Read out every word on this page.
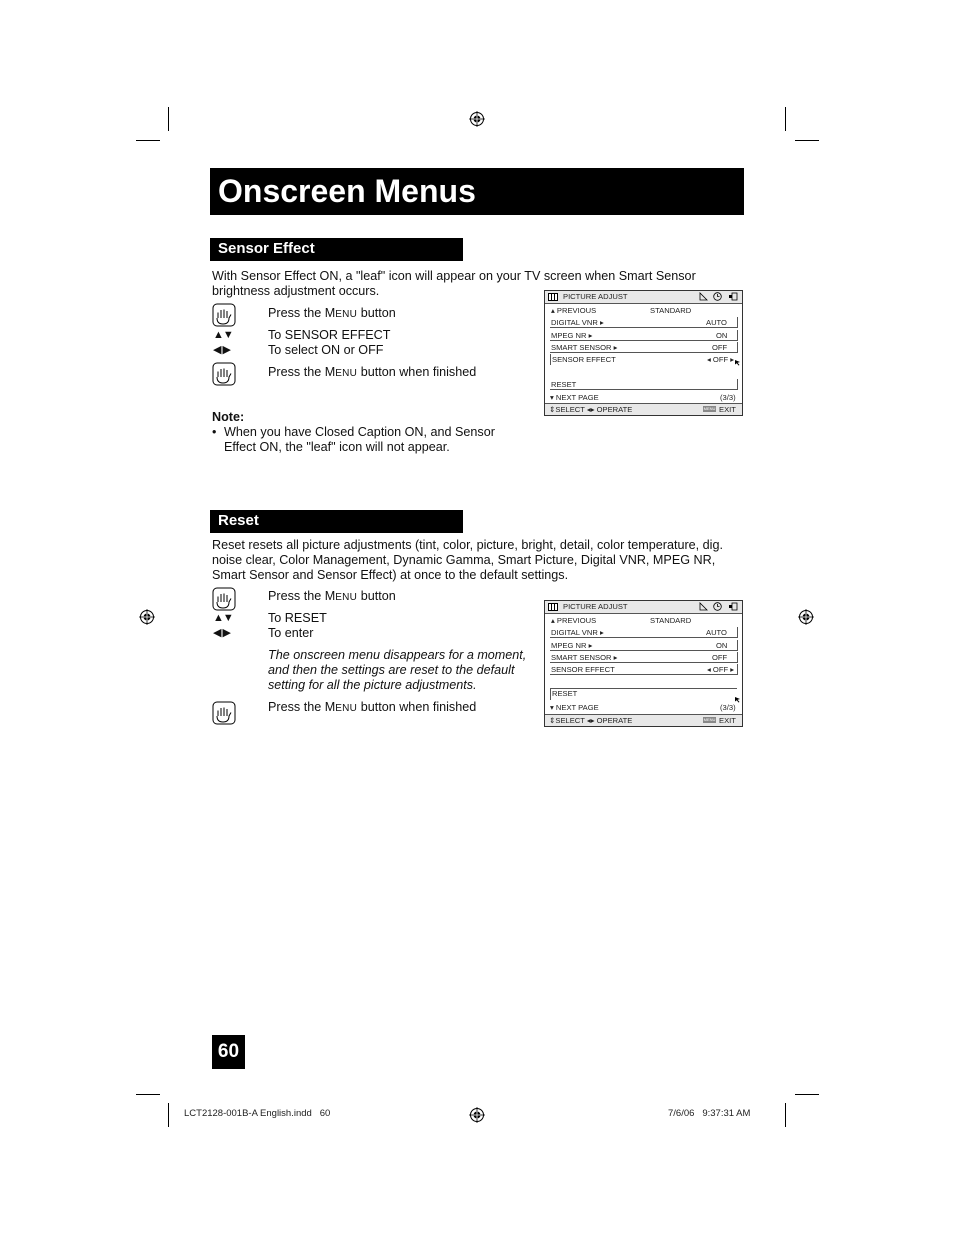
Onscreen Menus
Sensor Effect
With Sensor Effect ON, a "leaf" icon will appear on your TV screen when Smart Sensor
brightness adjustment occurs.
Press the MENU button
▲▼	To SENSOR EFFECT
◀ ▶	To select ON or OFF
Press the MENU button when finished
Note:
• When you have Closed Caption ON, and Sensor
Effect ON, the "leaf" icon will not appear.
PICTURE ADJUST
▴ PREVIOUS	STANDARD
DIGITAL VNR ▸	AUTO
MPEG NR ▸	ON
SMART SENSOR ▸	OFF
SENSOR EFFECT	◂ OFF ▸
RESET
▾ NEXT PAGE	(3/3)
⇕SELECT ◂▸ OPERATE	MENU EXIT
Reset
Reset resets all picture adjustments (tint, color, picture, bright, detail, color temperature, dig.
noise clear, Color Management, Dynamic Gamma, Smart Picture, Digital VNR, MPEG NR,
Smart Sensor and Sensor Effect) at once to the default settings.
Press the MENU button
▲▼	To RESET
◀ ▶	To enter
The onscreen menu disappears for a moment,
and then the settings are reset to the default
setting for all the picture adjustments.
Press the MENU button when finished
PICTURE ADJUST
▴ PREVIOUS	STANDARD
DIGITAL VNR ▸	AUTO
MPEG NR ▸	ON
SMART SENSOR ▸	OFF
SENSOR EFFECT	◂ OFF ▸
RESET
▾ NEXT PAGE	(3/3)
⇕SELECT ◂▸ OPERATE	MENU EXIT
60
LCT2128-001B-A English.indd   60	7/6/06   9:37:31 AM
